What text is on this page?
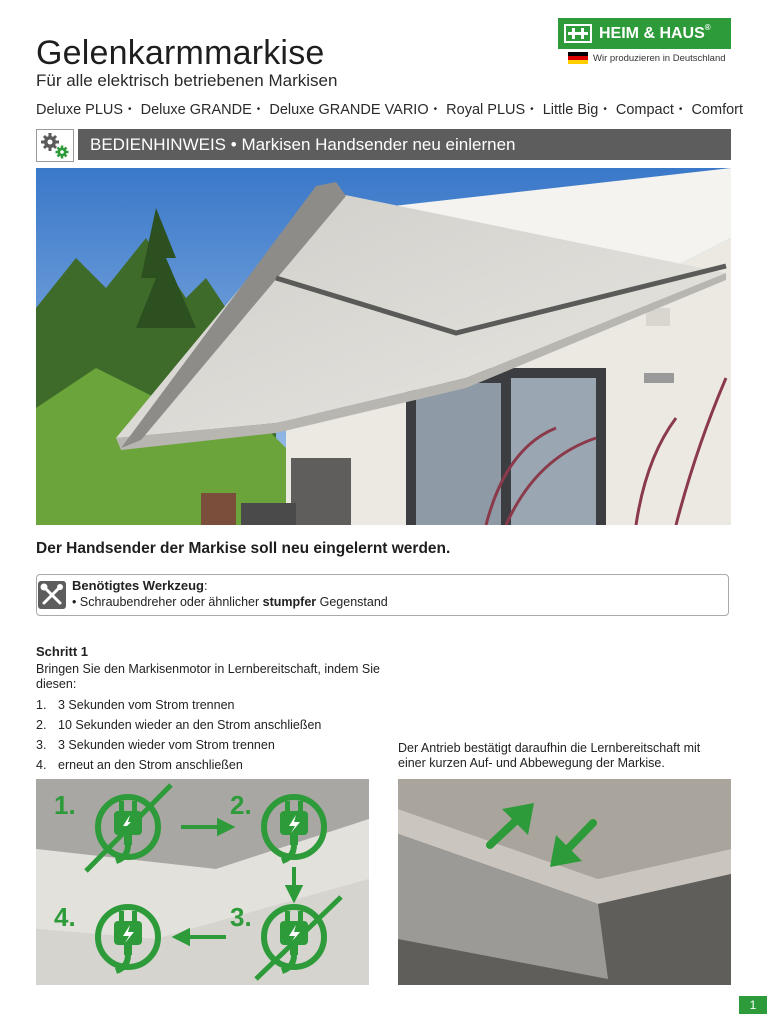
Gelenkarmmarkise
Für alle elektrisch betriebenen Markisen
Deluxe PLUS • Deluxe GRANDE • Deluxe GRANDE VARIO • Royal PLUS • Little Big • Compact • Comfort
HEIM & HAUS ®
Wir produzieren in Deutschland
BEDIENHINWEIS • Markisen Handsender neu einlernen
Der Handsender der Markise soll neu eingelernt werden.
Benötigtes Werkzeug:
• Schraubendreher oder ähnlicher stumpfer Gegenstand
Schritt 1
Bringen Sie den Markisenmotor in Lernbereitschaft, indem Sie diesen:
1. 3 Sekunden vom Strom trennen
2. 10 Sekunden wieder an den Strom anschließen
3. 3 Sekunden wieder vom Strom trennen
4. erneut an den Strom anschließen
Der Antrieb bestätigt daraufhin die Lernbereitschaft mit einer kurzen Auf- und Abbewegung der Markise.
1.	2.
3.
4.
1
